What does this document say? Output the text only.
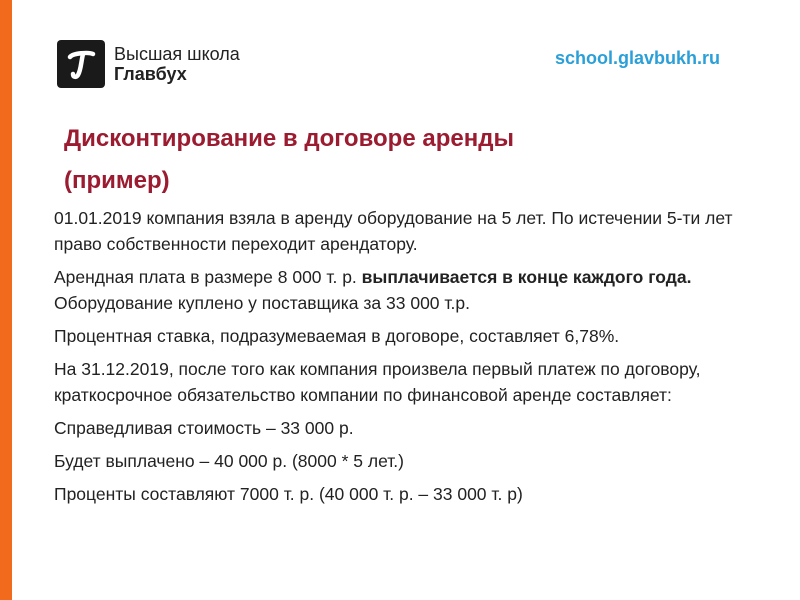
Высшая школа
Главбух
school.glavbukh.ru
Дисконтирование в договоре аренды
(пример)

01.01.2019 компания взяла в аренду оборудование на 5 лет. По истечении 5-ти лет право собственности переходит арендатору.

Арендная плата в размере 8 000 т. р. выплачивается в конце каждого года. Оборудование куплено у поставщика за 33 000 т.р.

Процентная ставка, подразумеваемая в договоре, составляет 6,78%.

На 31.12.2019, после того как компания произвела первый платеж по договору, краткосрочное обязательство компании по финансовой аренде составляет:

Справедливая стоимость – 33 000 р.

Будет выплачено – 40 000 р. (8000 * 5 лет.)

Проценты составляют 7000 т. р. (40 000 т. р. – 33 000 т. р)
